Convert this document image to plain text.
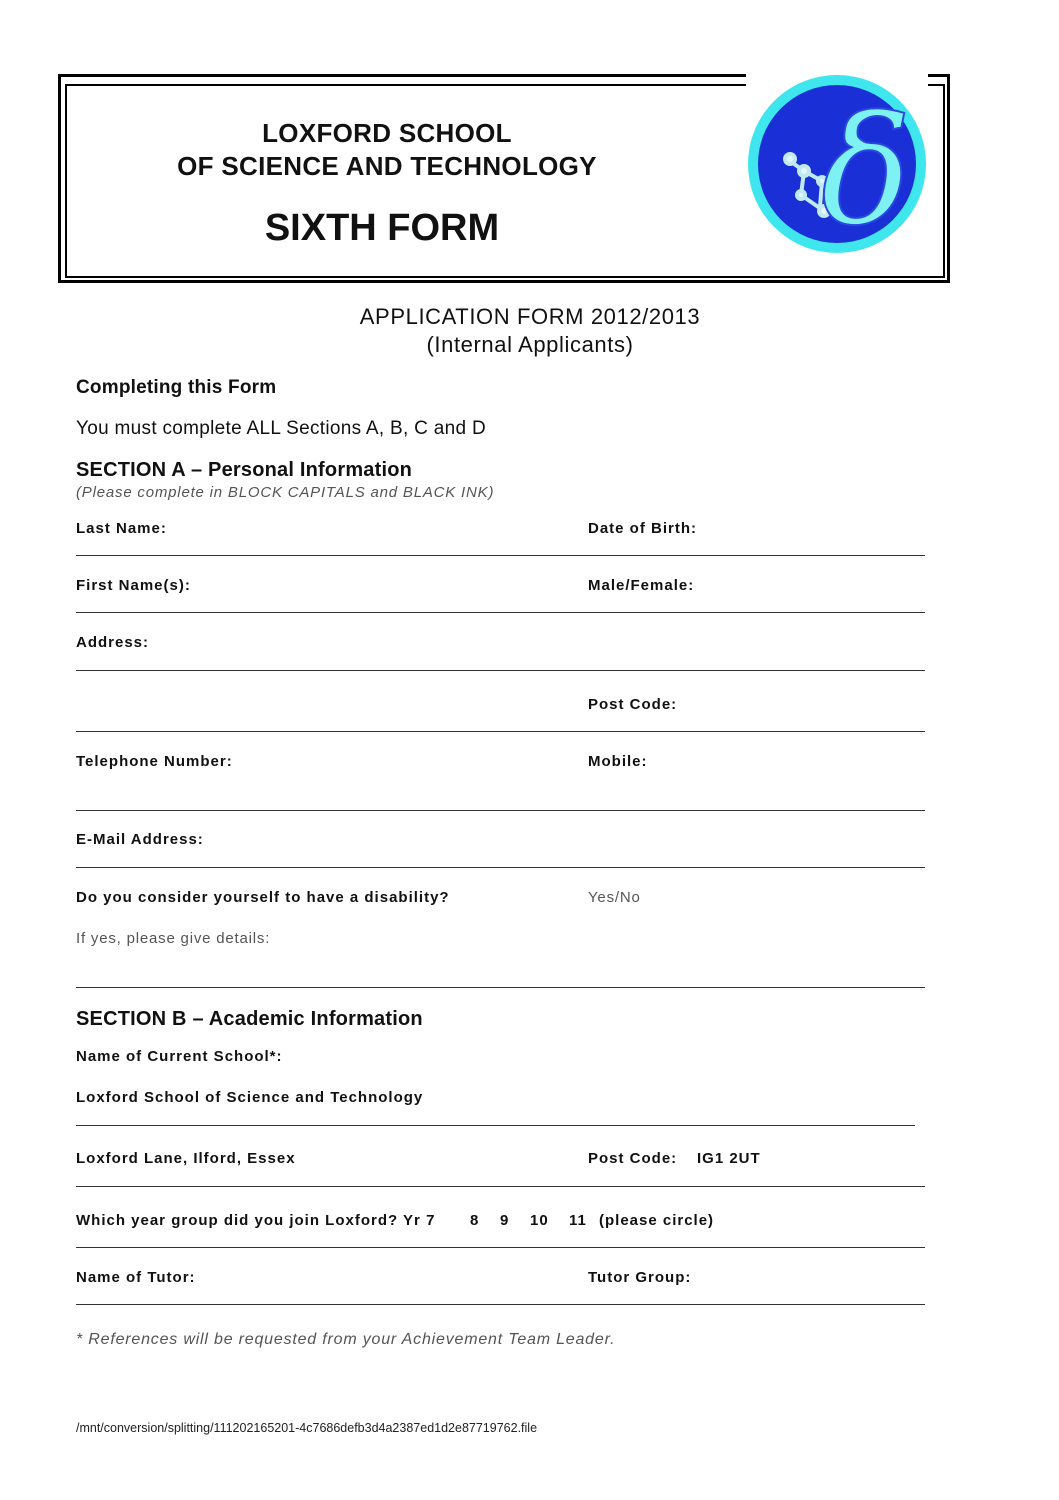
LOXFORD SCHOOL
OF SCIENCE AND TECHNOLOGY
SIXTH FORM	δ
APPLICATION FORM 2012/2013
(Internal Applicants)
Completing this Form
You must complete ALL Sections A, B, C and D
SECTION A – Personal Information
(Please complete in BLOCK CAPITALS and BLACK INK)
Last Name:	Date of Birth:
First Name(s):	Male/Female:
Address:
Post Code:
Telephone Number:	Mobile:
E-Mail Address:
Do you consider yourself to have a disability?	Yes/No
If yes, please give details:
SECTION B – Academic Information
Name of Current School*:
Loxford School of Science and Technology
Loxford Lane, Ilford, Essex	Post Code: IG1 2UT
Which year group did you join Loxford? Yr 7 8 9 10 11 (please circle)
Name of Tutor:	Tutor Group:
* References will be requested from your Achievement Team Leader.
/mnt/conversion/splitting/111202165201-4c7686defb3d4a2387ed1d2e87719762.file
